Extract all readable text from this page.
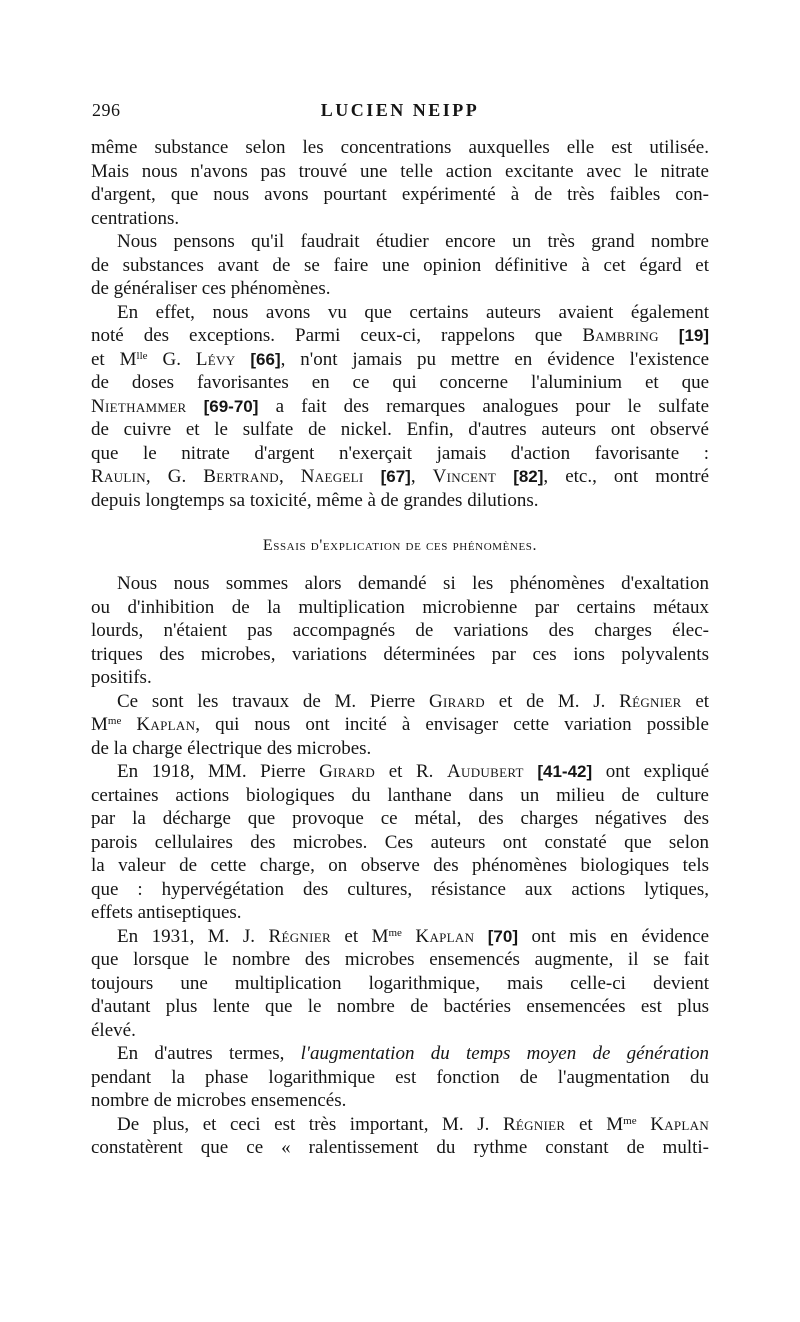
296	LUCIEN NEIPP
même substance selon les concentrations auxquelles elle est utilisée.
Mais nous n'avons pas trouvé une telle action excitante avec le nitrate
d'argent, que nous avons pourtant expérimenté à de très faibles con-
centrations.
Nous pensons qu'il faudrait étudier encore un très grand nombre
de substances avant de se faire une opinion définitive à cet égard et
de généraliser ces phénomènes.
En effet, nous avons vu que certains auteurs avaient également
noté des exceptions. Parmi ceux-ci, rappelons que Bambring [19]
et $M^{lle}$ G. Lévy [66], n'ont jamais pu mettre en évidence l'existence
de doses favorisantes en ce qui concerne l'aluminium et que
Niethammer [69-70] a fait des remarques analogues pour le sulfate
de cuivre et le sulfate de nickel. Enfin, d'autres auteurs ont observé
que le nitrate d'argent n'exerçait jamais d'action favorisante :
Raulin, G. Bertrand, Naegeli [67], Vincent [82], etc., ont montré
depuis longtemps sa toxicité, même à de grandes dilutions.
Essais d'explication de ces phénomènes.
Nous nous sommes alors demandé si les phénomènes d'exaltation
ou d'inhibition de la multiplication microbienne par certains métaux
lourds, n'étaient pas accompagnés de variations des charges élec-
triques des microbes, variations déterminées par ces ions polyvalents
positifs.
Ce sont les travaux de M. Pierre Girard et de M. J. Régnier et
$M^{me}$ Kaplan, qui nous ont incité à envisager cette variation possible
de la charge électrique des microbes.
En 1918, MM. Pierre Girard et R. Audubert [41-42] ont expliqué
certaines actions biologiques du lanthane dans un milieu de culture
par la décharge que provoque ce métal, des charges négatives des
parois cellulaires des microbes. Ces auteurs ont constaté que selon
la valeur de cette charge, on observe des phénomènes biologiques tels
que : hypervégétation des cultures, résistance aux actions lytiques,
effets antiseptiques.
En 1931, M. J. Régnier et $M^{me}$ Kaplan [70] ont mis en évidence
que lorsque le nombre des microbes ensemencés augmente, il se fait
toujours une multiplication logarithmique, mais celle-ci devient
d'autant plus lente que le nombre de bactéries ensemencées est plus
élevé.
En d'autres termes, l'augmentation du temps moyen de génération
pendant la phase logarithmique est fonction de l'augmentation du
nombre de microbes ensemencés.
De plus, et ceci est très important, M. J. Régnier et $M^{me}$ Kaplan
constatèrent que ce « ralentissement du rythme constant de multi-
